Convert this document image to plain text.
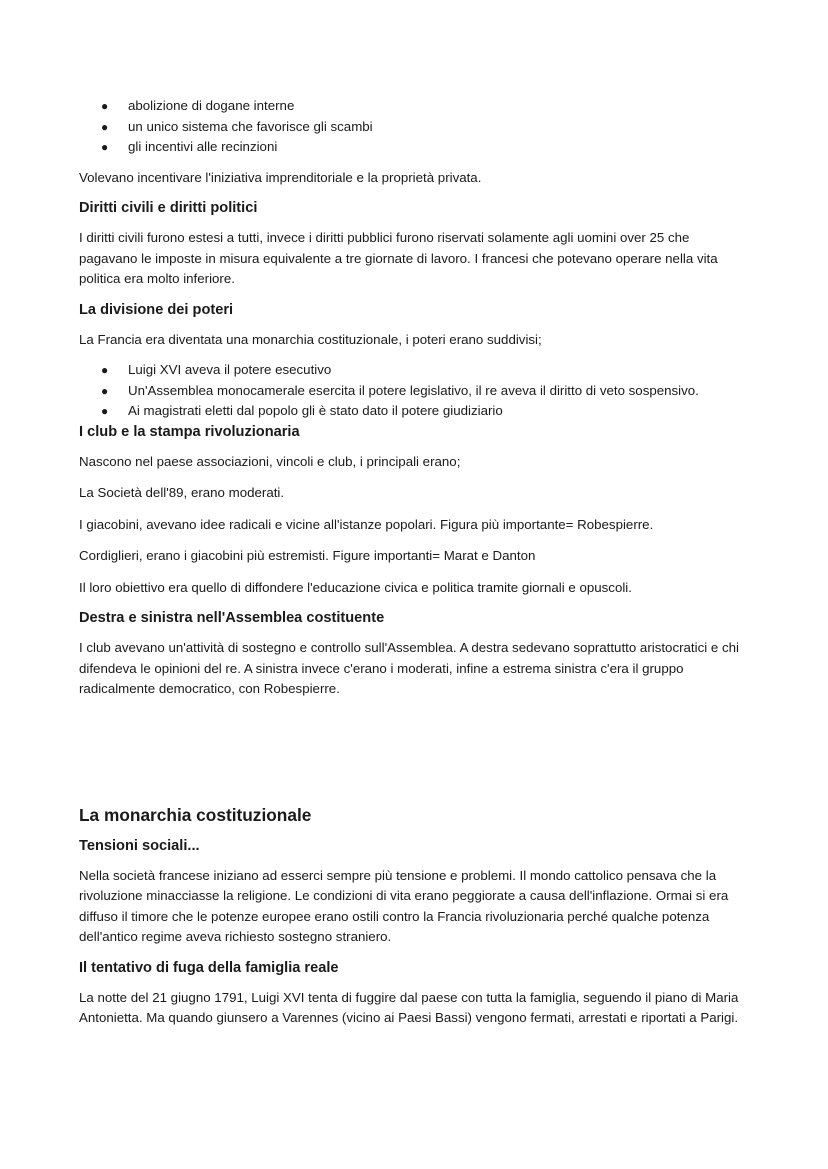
● abolizione di dogane interne
● un unico sistema che favorisce gli scambi
● gli incentivi alle recinzioni

Volevano incentivare l'iniziativa imprenditoriale e la proprietà privata.

Diritti civili e diritti politici

I diritti civili furono estesi a tutti, invece i diritti pubblici furono riservati solamente agli uomini over 25 che pagavano le imposte in misura equivalente a tre giornate di lavoro. I francesi che potevano operare nella vita politica era molto inferiore.

La divisione dei poteri

La Francia era diventata una monarchia costituzionale, i poteri erano suddivisi;

● Luigi XVI aveva il potere esecutivo
● Un'Assemblea monocamerale esercita il potere legislativo, il re aveva il diritto di veto sospensivo.
● Ai magistrati eletti dal popolo gli è stato dato il potere giudiziario
I club e la stampa rivoluzionaria

Nascono nel paese associazioni, vincoli e club, i principali erano;

La Società dell'89, erano moderati.

I giacobini, avevano idee radicali e vicine all'istanze popolari. Figura più importante= Robespierre.

Cordiglieri, erano i giacobini più estremisti. Figure importanti= Marat e Danton

Il loro obiettivo era quello di diffondere l'educazione civica e politica tramite giornali e opuscoli.

Destra e sinistra nell'Assemblea costituente

I club avevano un'attività di sostegno e controllo sull'Assemblea. A destra sedevano soprattutto aristocratici e chi difendeva le opinioni del re. A sinistra invece c'erano i moderati, infine a estrema sinistra c'era il gruppo radicalmente democratico, con Robespierre.

La monarchia costituzionale
Tensioni sociali...

Nella società francese iniziano ad esserci sempre più tensione e problemi. Il mondo cattolico pensava che la rivoluzione minacciasse la religione. Le condizioni di vita erano peggiorate a causa dell'inflazione. Ormai si era diffuso il timore che le potenze europee erano ostili contro la Francia rivoluzionaria perché qualche potenza dell'antico regime aveva richiesto sostegno straniero.

Il tentativo di fuga della famiglia reale

La notte del 21 giugno 1791, Luigi XVI tenta di fuggire dal paese con tutta la famiglia, seguendo il piano di Maria Antonietta. Ma quando giunsero a Varennes (vicino ai Paesi Bassi) vengono fermati, arrestati e riportati a Parigi.
